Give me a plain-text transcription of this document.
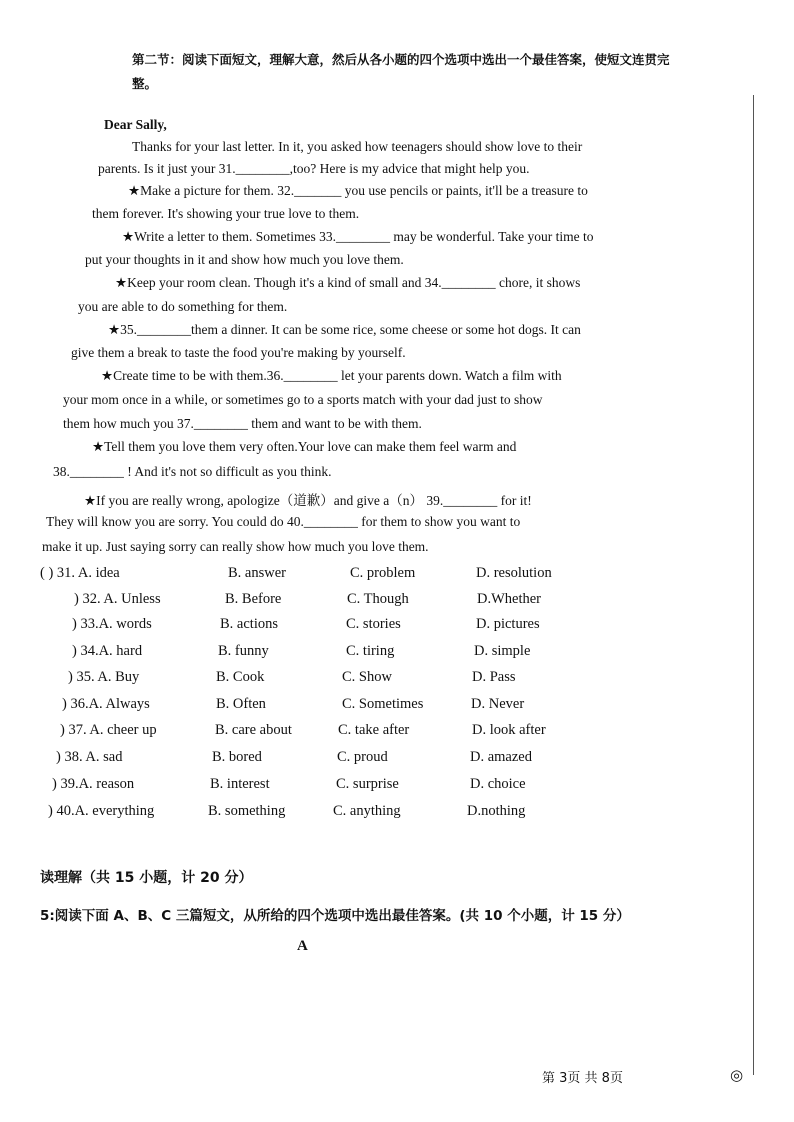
第二节：阅读下面短文，理解大意，然后从各小题的四个选项中选出一个最佳答案，使短文连贯完
整。
Dear Sally,
Thanks for your last letter. In it, you asked how teenagers should show love to their
parents. Is it just your 31.________,too? Here is my advice that might help you.
★Make a picture for them. 32._______ you use pencils or paints, it'll be a treasure to
them forever. It's showing your true love to them.
★Write a letter to them. Sometimes 33.________ may be wonderful. Take your time to
put your thoughts in it and show how much you love them.
★Keep your room clean. Though it's a kind of small and 34.________ chore, it shows
you are able to do something for them.
★35.________them a dinner. It can be some rice, some cheese or some hot dogs. It can
give them a break to taste the food you're making by yourself.
★Create time to be with them.36.________ let your parents down. Watch a film with
your mom once in a while, or sometimes go to a sports match with your dad just to show
them how much you 37.________ them and want to be with them.
★Tell them you love them very often.Your love can make them feel warm and
38.________ ! And it's not so difficult as you think.
★If you are really wrong, apologize（道歉）and give a（n） 39.________ for it!
They will know you are sorry. You could do 40.________ for them to show you want to
make it up. Just saying sorry can really show how much you love them.
( ) 31. A. idea	B. answer	C. problem	D. resolution
) 32. A. Unless	B. Before	C. Though	D.Whether
) 33.A. words	B. actions	C. stories	D. pictures
) 34.A. hard	B. funny	C. tiring	D. simple
) 35. A. Buy	B. Cook	C. Show	D. Pass
) 36.A. Always	B. Often	C. Sometimes	D. Never
) 37. A. cheer up	B. care about	C. take after	D. look after
) 38. A. sad	B. bored	C. proud	D. amazed
) 39.A. reason	B. interest	C. surprise	D. choice
) 40.A. everything	B. something	C. anything	D.nothing
读理解（共 15 小题，计 20 分）
5:阅读下面 A、B、C 三篇短文，从所给的四个选项中选出最佳答案。(共 10 个小题，计 15 分）
A
第 3页 共 8页	◎
